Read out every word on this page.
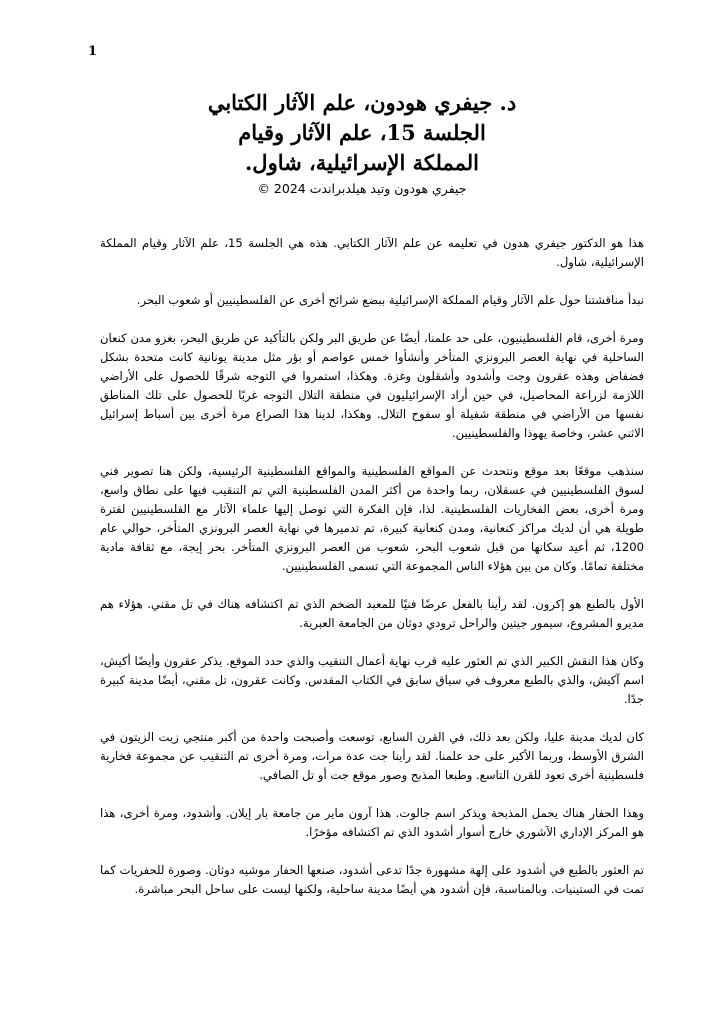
1
د. جيفري هودون، علم الآثار الكتابي
الجلسة 15، علم الآثار وقيام
المملكة الإسرائيلية، شاول.
جيفري هودون وتيد هيلدبراندت 2024 ©

هذا هو الدكتور جيفري هدون في تعليمه عن علم الآثار الكتابي. هذه هي الجلسة 15، علم الآثار وقيام المملكة الإسرائيلية، شاول.

نبدأ مناقشتنا حول علم الآثار وقيام المملكة الإسرائيلية ببضع شرائح أخرى عن الفلسطينيين أو شعوب البحر.

ومرة أخرى، قام الفلسطينيون، على حد علمنا، أيضًا عن طريق البر ولكن بالتأكيد عن طريق البحر، بغزو مدن كنعان الساحلية في نهاية العصر البرونزي المتأخر وأنشأوا خمس عواصم أو بؤر مثل مدينة يونانية كانت متحدة بشكل فضفاض وهذه عقرون وجت وأشدود وأشقلون وغزة. وهكذا، استمروا في التوجه شرقًا للحصول على الأراضي اللازمة لزراعة المحاصيل، في حين أراد الإسرائيليون في منطقة التلال التوجه غربًا للحصول على تلك المناطق نفسها من الأراضي في منطقة شفيلة أو سفوح التلال. وهكذا، لدينا هذا الصراع مرة أخرى بين أسباط إسرائيل الاثني عشر، وخاصة يهوذا والفلسطينيين.

سنذهب موقعًا بعد موقع ونتحدث عن المواقع الفلسطينية والمواقع الفلسطينية الرئيسية، ولكن هنا تصوير فني لسوق الفلسطينيين في عسقلان، ربما واحدة من أكثر المدن الفلسطينية التي تم التنقيب فيها على نطاق واسع، ومرة أخرى، بعض الفخاريات الفلسطينية. لذا، فإن الفكرة التي توصل إليها علماء الآثار مع الفلسطينيين لفترة طويلة هي أن لديك مراكز كنعانية، ومدن كنعانية كبيرة، تم تدميرها في نهاية العصر البرونزي المتأخر، حوالي عام 1200، ثم أعيد سكانها من قبل شعوب البحر، شعوب من العصر البرونزي المتأخر. بحر إيجة، مع ثقافة مادية مختلفة تمامًا. وكان من بين هؤلاء الناس المجموعة التي تسمى الفلسطينيين.

الأول بالطبع هو إكرون. لقد رأينا بالفعل عرضًا فنيًا للمعبد الضخم الذي تم اكتشافه هناك في تل مقني. هؤلاء هم مديرو المشروع، سيمور جيتين والراحل ترودي دوثان من الجامعة العبرية.

وكان هذا النقش الكبير الذي تم العثور عليه قرب نهاية أعمال التنقيب والذي حدد الموقع. يذكر عقرون وأيضًا أكيش، اسم آكيش، والذي بالطبع معروف في سياق سابق في الكتاب المقدس. وكانت عقرون، تل مقني، أيضًا مدينة كبيرة جدًا.

كان لديك مدينة عليا، ولكن بعد ذلك، في القرن السابع، توسعت وأصبحت واحدة من أكبر منتجي زيت الزيتون في الشرق الأوسط، وربما الأكبر على حد علمنا. لقد رأينا جت عدة مرات، ومرة أخرى تم التنقيب عن مجموعة فخارية فلسطينية أخرى تعود للقرن التاسع. وطبعا المذبح وصور موقع جت أو تل الصافي.

وهذا الحفار هناك يحمل المذبحة ويذكر اسم جالوت. هذا آرون ماير من جامعة بار إيلان. وأشدود، ومرة أخرى، هذا هو المركز الإداري الآشوري خارج أسوار أشدود الذي تم اكتشافه مؤخرًا.

تم العثور بالطبع في أشدود على إلهة مشهورة جدًا تدعى أشدود، صنعها الحفار موشيه دوثان. وصورة للحفريات كما تمت في الستينيات. وبالمناسبة، فإن أشدود هي أيضًا مدينة ساحلية، ولكنها ليست على ساحل البحر مباشرة.
